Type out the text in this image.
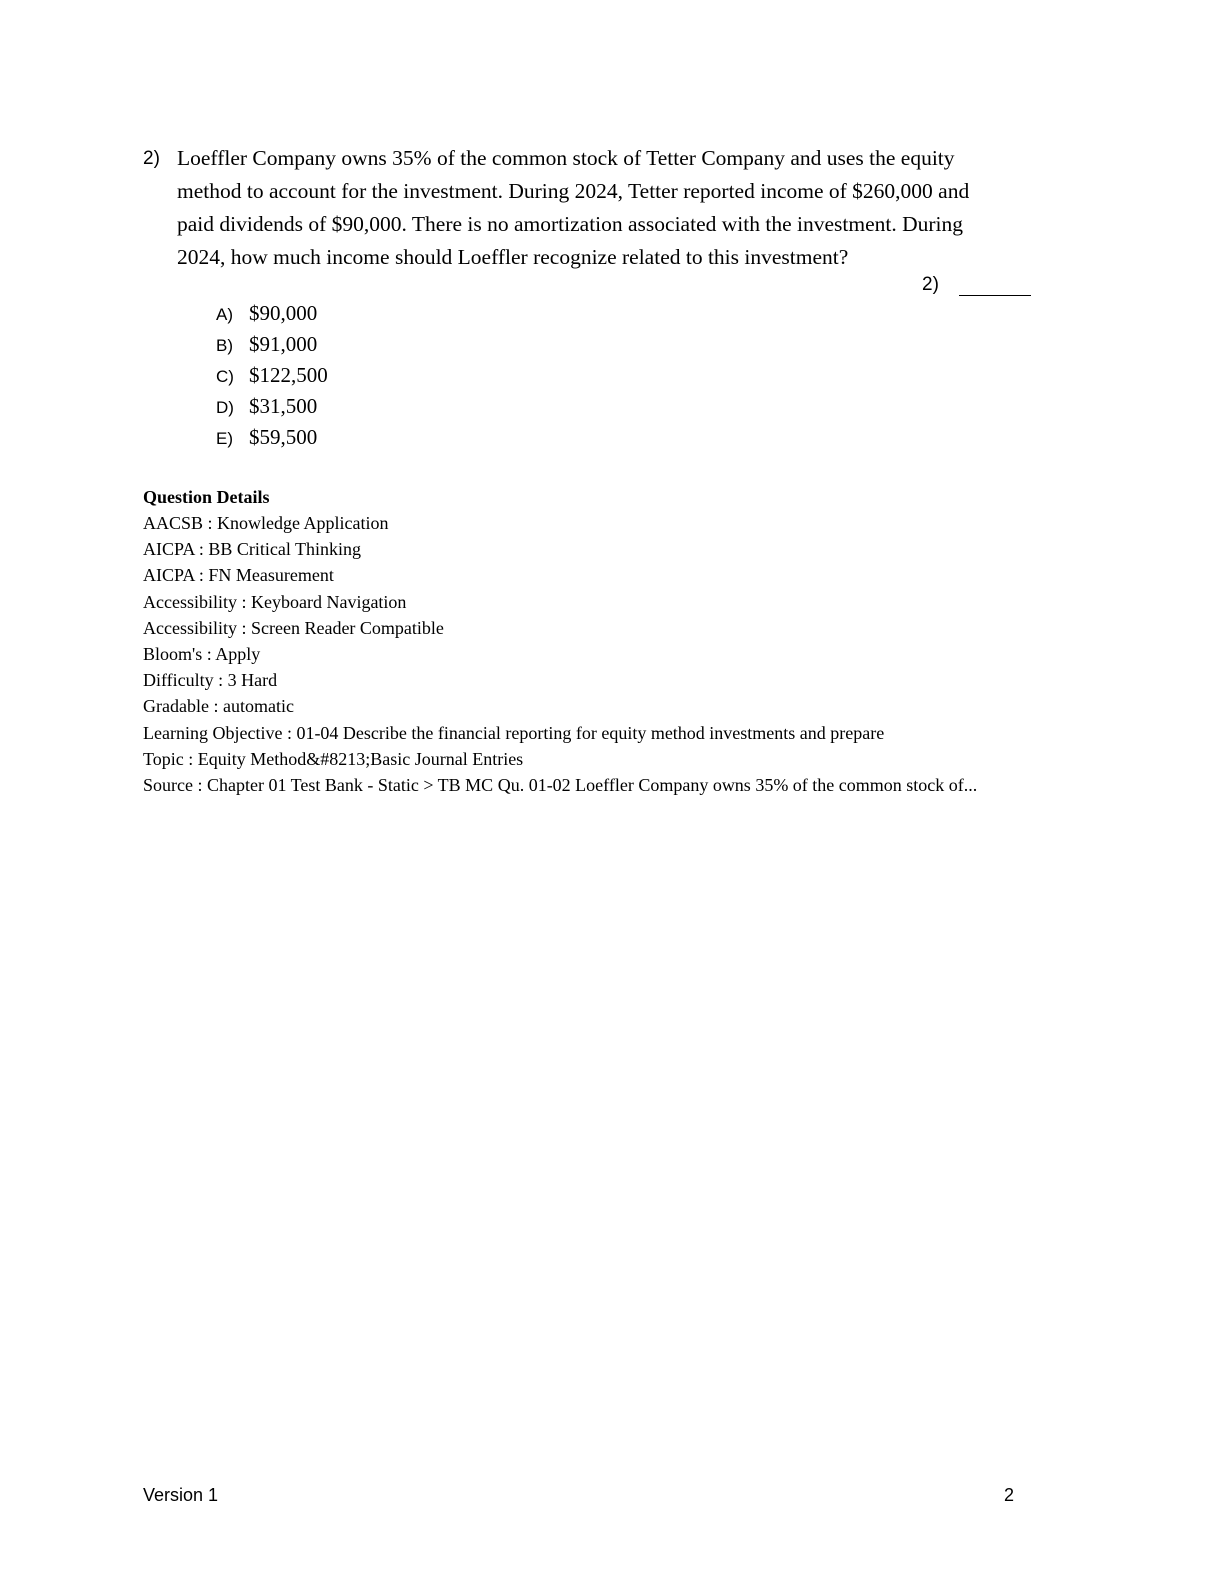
2) Loeffler Company owns 35% of the common stock of Tetter Company and uses the equity
method to account for the investment. During 2024, Tetter reported income of $260,000 and
paid dividends of $90,000. There is no amortization associated with the investment. During
2024, how much income should Loeffler recognize related to this investment?
2)
A) $90,000
B) $91,000
C) $122,500
D) $31,500
E) $59,500
Question Details
AACSB : Knowledge Application
AICPA : BB Critical Thinking
AICPA : FN Measurement
Accessibility : Keyboard Navigation
Accessibility : Screen Reader Compatible
Bloom's : Apply
Difficulty : 3 Hard
Gradable : automatic
Learning Objective : 01-04 Describe the financial reporting for equity method investments and prepare
Topic : Equity Method&#8213;Basic Journal Entries
Source : Chapter 01 Test Bank - Static > TB MC Qu. 01-02 Loeffler Company owns 35% of the common stock of...
Version 1	2
